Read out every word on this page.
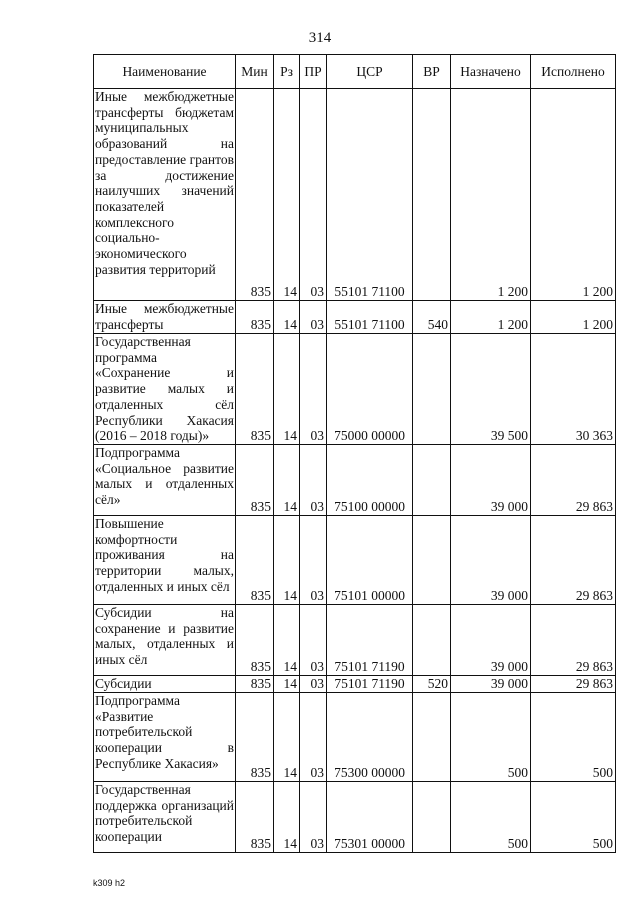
314
Наименование	Мин	Рз	ПР	ЦСР	ВР	Назначено	Исполнено
Иные межбюджетные трансферты бюджетам муниципальных образований на предоставление грантов за достижение наилучших значений показателей комплексного социально-экономического развития территорий	835	14	03	55101 71100		1 200	1 200
Иные межбюджетные трансферты	835	14	03	55101 71100	540	1 200	1 200
Государственная программа «Сохранение и развитие малых и отдаленных сёл Республики Хакасия (2016 – 2018 годы)»	835	14	03	75000 00000		39 500	30 363
Подпрограмма «Социальное развитие малых и отдаленных сёл»	835	14	03	75100 00000		39 000	29 863
Повышение комфортности проживания на территории малых, отдаленных и иных сёл	835	14	03	75101 00000		39 000	29 863
Субсидии на сохранение и развитие малых, отдаленных и иных сёл	835	14	03	75101 71190		39 000	29 863
Субсидии	835	14	03	75101 71190	520	39 000	29 863
Подпрограмма «Развитие потребительской кооперации в Республике Хакасия»	835	14	03	75300 00000		500	500
Государственная поддержка организаций потребительской кооперации	835	14	03	75301 00000		500	500
k309 h2
